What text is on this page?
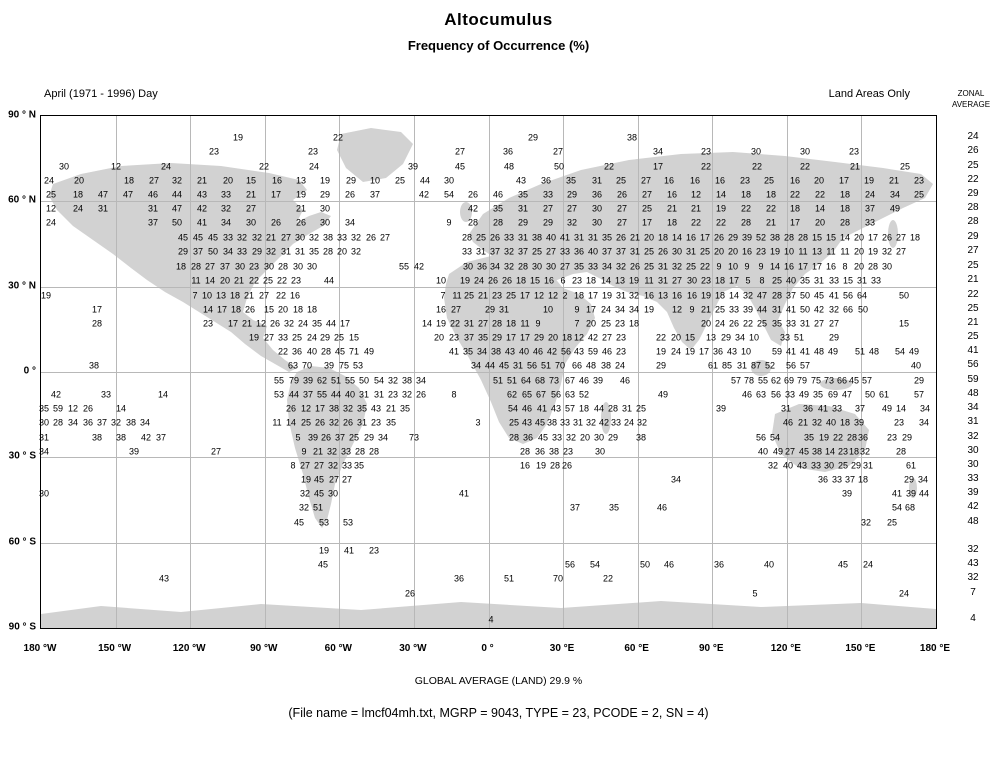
Altocumulus
Frequency of Occurrence (%)
April (1971 - 1996) Day	Land Areas Only	ZONAL
AVERAGE
19	22	29	38
23	23	27	36	27	34	23	30	30	23
30	12	24	22	24	39	45	48	50	22	17	22	22	22	21	25
24 20	18 27 32 21 20 15 16 13 19 29 10 25 44 30	43 36 35 31 25 27 16 16 16 23 25 16 20 17 19 21 23
25 18 47 47 46 44 43 33 21 17 19 29 26 37	42 54 26 46 35 33 29 36 26 27 16 12 14 18 18 22 22 18 24 34 25
12 24 31	31 47 42 32 27	21 30	42 35 31 27 27 30 27 25 21 21 19 22 22 18 14 18 37 49
24	37 50 41 34 30 26 26 30 34	9 28 28 29 29 32 30 27 17 18 22 22 28 21 17 20 28 33
45 45 45 33 32 32 21 27 30 32 38 33 32 26 27	28 25 26 33 31 38 40 41 31 31 35 26 21 20 18 14 16 17 26 29 39 52 38 28 28 15 15 14 20 17 26 27 18
29 37 50 34 33 29 32 31 31 35 28 20 32	33 31 37 32 37 25 27 33 36 40 37 37 31 25 26 30 31 25 20 20 16 23 19 10 11 13 11 11 20 19 32 27
18 28 27 37 30 23 30 28 30 30	55 42	30 36 34 32 28 30 30 27 35 33 34 32 26 25 31 32 25 22 9 10 9 9 14 16 17 17 16 8 20 28 30
11 14 20 21 22 25 22 23	44	10 19 24 26 26 18 15 16 6 23 18 14 13 19 11 31 27 30 23 18 17 5 8 25 40 35 31 33 15 31 33
19	7 10 13 18 21 27 22 16	7 11 25 21 23 25 17 12 12 2 18 17 19 31 32 16 13 16 16 19 18 14 32 47 28 37 50 45 41 56 64	50
17	14 17 18 26 15 20 18 18	16 27	29 31	10 9 17 24 34 34 19 12 9 21 25 33 39 44 31 41 50 42 32 66 50
28	23 17 21 12 26 32 24 35 44 17	14 19 22 31 27 28 18 11 9	7 20 25 23 18	20 24 26 22 25 35 33 31 27 27	15
19 27 33 25 24 29 25 15	20 23 37 35 29 17 17 29 20 18 12 42 27 23	22 20 15 13 29 34 10 33 51	29
22 36 40 28 45 71 49	41 35 34 38 43 40 46 42 56 43 59 46 23	19 24 19 17 36 43 10 59 41 41 48 49 51 48 54 49
38	63 70 39 75 53	34 44 45 31 56 51 70 66 48 38 24	29	61 85 31 87 52 56 57	40
55 79 39 62 51 55 50 54 32 38 34	51 51 64 68 73 67 46 39 46	57 78 55 62 69 79 75 73 66 45 57	29
42	33	14	53 44 37 55 44 40 31 31 23 32 26	8	62 65 67 56 63 52	49	46 63 56 33 49 35 69 47 50 61	57
35 59 12 26	14	26 12 17 38 32 35 43 21 35	54 46 41 43 57 18 44 28 31 25	39	31 36 41 33 37 49 14 34
30 28 34 36 37 32 38 34	11 14 25 26 32 26 31 23 35	3	25 43 45 38 33 31 32 42 33 24 32	46 21 32 40 18 39	23 34
31	38 38 42 37	5 39 26 37 25 29 34 73	28 36 45 33 32 20 30 29 38	56 54	35 19 22 28 36 23 29
34	39	27	9 21 32 33 28 28	28 36 38 23 30	40 49 27 45 38 14 23 18 32	28
8 27 27 32 33 35	16 19 28 26	32 40 43 33 30 25 29 31	61
19 45 27 27	34	36 33 37 18	29 34
30	32 45 30	41	39	41 39 44
32 51	37	35	46	54 68
45 53 53	32 25
19 41 23
45	56 54	50 46	36	40	45 24
43	36	51	70	22
26	5	24
4
90 ° N
60 ° N
30 ° N
0 °
30 ° S
60 ° S
90 ° S
180 °W	150 °W	120 °W	90 °W	60 °W	30 °W	0 °	30 °E	60 °E	90 °E	120 °E	150 °E	180 °E
24
26
25
22
29
28
28
29
27
25
21
22
25
21
25
41
56
59
48
34
31
32
30
30
33
39
42
48
32
43
32
7
4
GLOBAL AVERAGE (LAND) 29.9 %
(File name = lmcf04mh.txt, MGRP = 9043, TYPE = 23, PCODE = 2, SN = 4)
